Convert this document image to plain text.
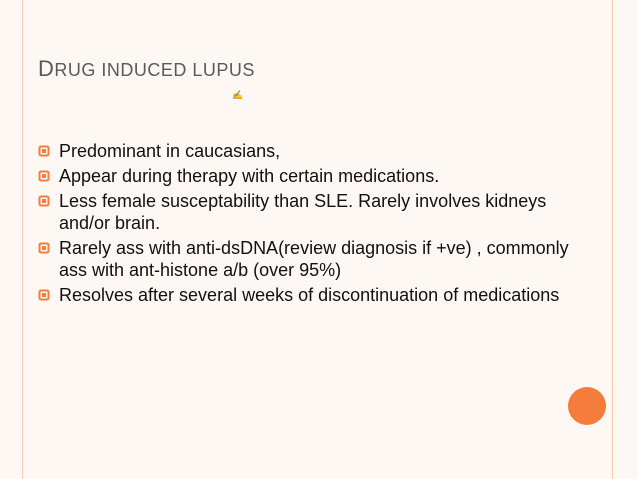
DRUG INDUCED LUPUS
✍
Predominant in caucasians,
Appear during therapy with certain medications.
Less female susceptability than SLE. Rarely involves kidneys and/or brain.
Rarely ass with anti-dsDNA(review diagnosis if +ve) , commonly ass with ant-histone a/b (over 95%)
Resolves after several weeks of discontinuation of medications
